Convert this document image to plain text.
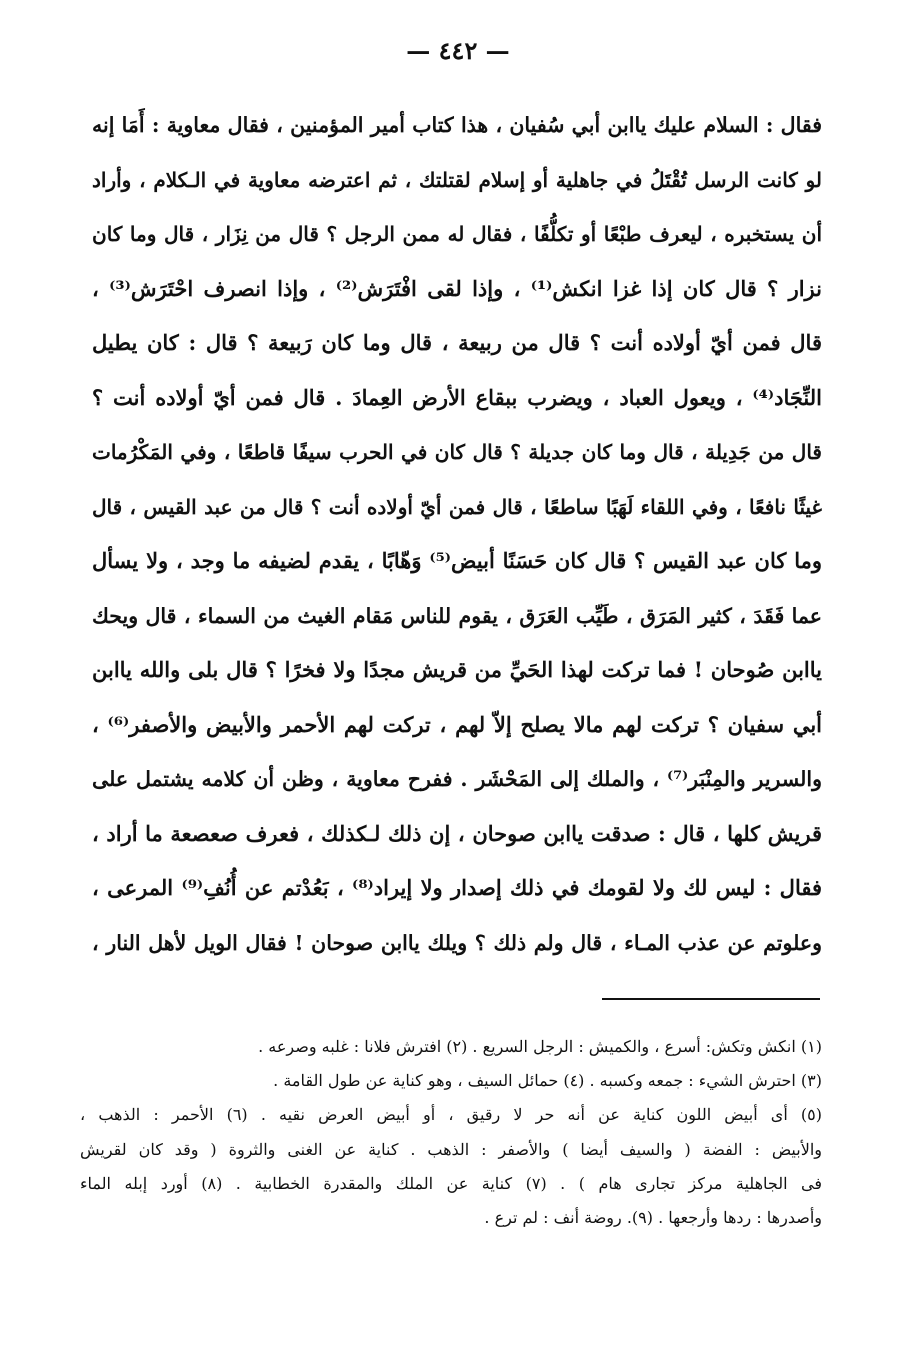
— ٤٤٢ —
فقال : السلام عليك ياابن أبي سُفيان ، هذا كتاب أمير المؤمنين ، فقال معاوية : أَمَا إنه
لو كانت الرسل تُقْتَلُ في جاهلية أو إسلام لقتلتك ، ثم اعترضه معاوية في الـكلام ، وأراد
أن يستخبره ، ليعرف طبْعًا أو تكلُّفًا ، فقال له ممن الرجل ؟ قال من نِزَار ، قال وما كان
نزار ؟ قال كان إذا غزا انكش⁽¹⁾ ، وإذا لقى افْتَرَش⁽²⁾ ، وإذا انصرف احْتَرَش⁽³⁾ ،
قال فمن أيّ أولاده أنت ؟ قال من ربيعة ، قال وما كان رَبيعة ؟ قال : كان يطيل
النِّجَاد⁽⁴⁾ ، ويعول العباد ، ويضرب ببقاع الأرض العِمادَ . قال فمن أيّ أولاده أنت ؟
قال من جَدِيلة ، قال وما كان جديلة ؟ قال كان في الحرب سيفًا قاطعًا ، وفي المَكْرُمات
غيثًا نافعًا ، وفي اللقاء لَهَبًا ساطعًا ، قال فمن أيّ أولاده أنت ؟ قال من عبد القيس ، قال
وما كان عبد القيس ؟ قال كان حَسَنًا أبيض⁽⁵⁾ وَهّابًا ، يقدم لضيفه ما وجد ، ولا يسأل
عما فَقَدَ ، كثير المَرَق ، طَيِّب العَرَق ، يقوم للناس مَقام الغيث من السماء ، قال ويحك
ياابن صُوحان ! فما تركت لهذا الحَيِّ من قريش مجدًا ولا فخرًا ؟ قال بلى والله ياابن
أبي سفيان ؟ تركت لهم مالا يصلح إلاّ لهم ، تركت لهم الأحمر والأبيض والأصفر⁽⁶⁾ ،
والسرير والمِنْبَر⁽⁷⁾ ، والملك إلى المَحْشَر . ففرح معاوية ، وظن أن كلامه يشتمل على
قريش كلها ، قال : صدقت ياابن صوحان ، إن ذلك لـكذلك ، فعرف صعصعة ما أراد ،
فقال : ليس لك ولا لقومك في ذلك إصدار ولا إيراد⁽⁸⁾ ، بَعُدْتم عن أُنُفِ⁽⁹⁾ المرعى ،
وعلوتم عن عذب المـاء ، قال ولم ذلك ؟ ويلك ياابن صوحان ! فقال الويل لأهل النار ،
(١) انكش وتكش: أسرع ، والكميش : الرجل السريع . (٢) افترش فلانا : غلبه وصرعه .
(٣) احترش الشيء : جمعه وكسبه . (٤) حمائل السيف ، وهو كناية عن طول القامة .
(٥) أى أبيض اللون كناية عن أنه حر لا رقيق ، أو أبيض العرض نقيه . (٦) الأحمر : الذهب ،
والأبيض : الفضة ( والسيف أيضا ) والأصفر : الذهب . كناية عن الغنى والثروة ( وقد كان لقريش
فى الجاهلية مركز تجارى هام ) . (٧) كناية عن الملك والمقدرة الخطابية . (٨) أورد إبله الماء
وأصدرها : ردها وأرجعها . (٩). روضة أنف : لم ترع .
